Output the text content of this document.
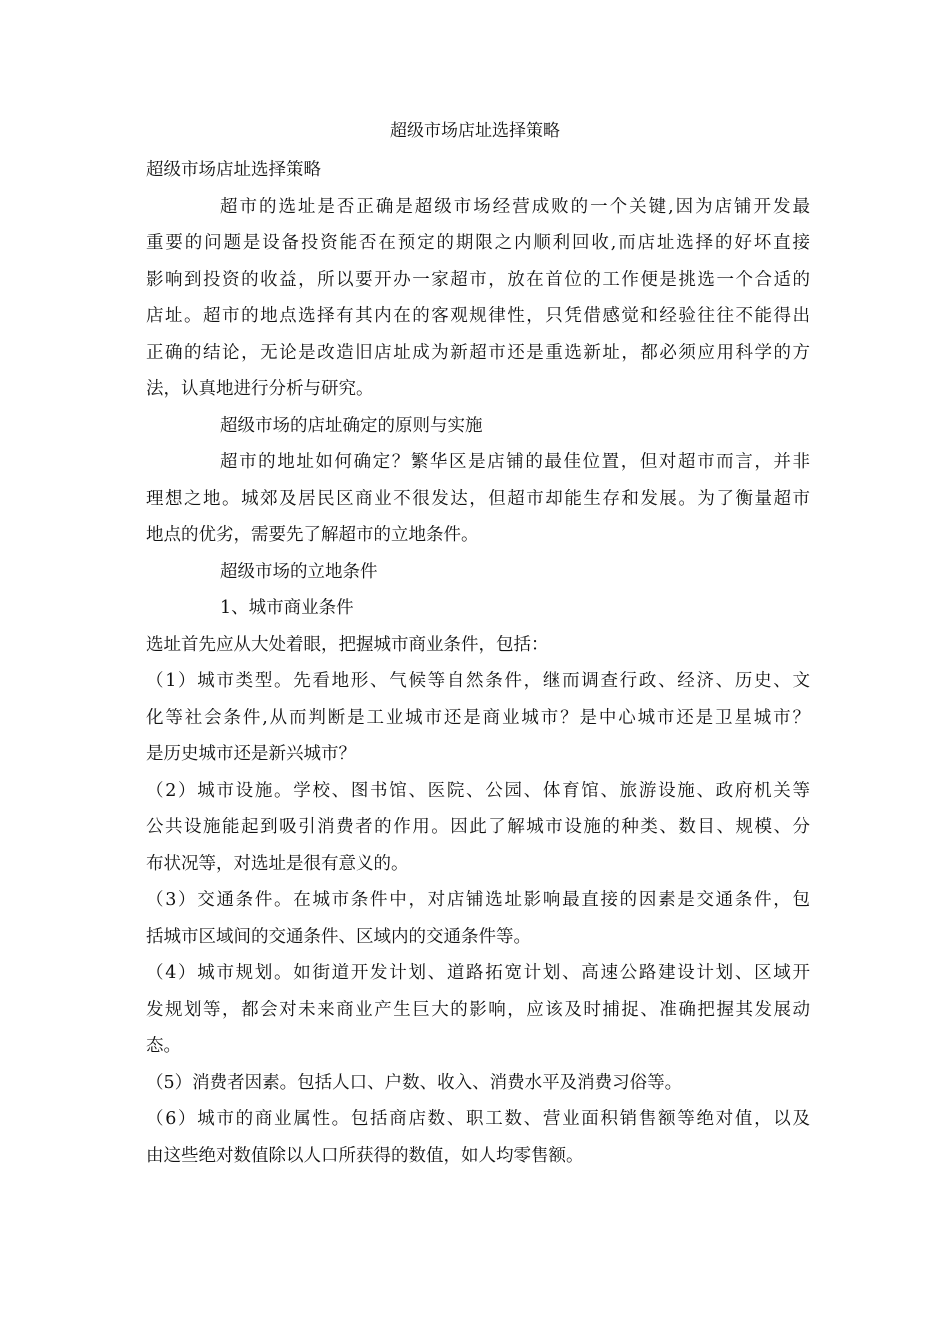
超级市场店址选择策略
超级市场店址选择策略
超市的选址是否正确是超级市场经营成败的一个关键,因为店铺开发最
重要的问题是设备投资能否在预定的期限之内顺利回收,而店址选择的好坏直接
影响到投资的收益，所以要开办一家超市，放在首位的工作便是挑选一个合适的
店址。超市的地点选择有其内在的客观规律性，只凭借感觉和经验往往不能得出
正确的结论，无论是改造旧店址成为新超市还是重选新址，都必须应用科学的方
法，认真地进行分析与研究。
超级市场的店址确定的原则与实施
超市的地址如何确定？繁华区是店铺的最佳位置，但对超市而言，并非
理想之地。城郊及居民区商业不很发达，但超市却能生存和发展。为了衡量超市
地点的优劣，需要先了解超市的立地条件。
超级市场的立地条件
1、城市商业条件
选址首先应从大处着眼，把握城市商业条件，包括：
（1）城市类型。先看地形、气候等自然条件，继而调查行政、经济、历史、文
化等社会条件,从而判断是工业城市还是商业城市？是中心城市还是卫星城市？
是历史城市还是新兴城市？
（2）城市设施。学校、图书馆、医院、公园、体育馆、旅游设施、政府机关等
公共设施能起到吸引消费者的作用。因此了解城市设施的种类、数目、规模、分
布状况等，对选址是很有意义的。
（3）交通条件。在城市条件中，对店铺选址影响最直接的因素是交通条件，包
括城市区域间的交通条件、区域内的交通条件等。
（4）城市规划。如街道开发计划、道路拓宽计划、高速公路建设计划、区域开
发规划等，都会对未来商业产生巨大的影响，应该及时捕捉、准确把握其发展动
态。
（5）消费者因素。包括人口、户数、收入、消费水平及消费习俗等。
（6）城市的商业属性。包括商店数、职工数、营业面积销售额等绝对值，以及
由这些绝对数值除以人口所获得的数值，如人均零售额。
